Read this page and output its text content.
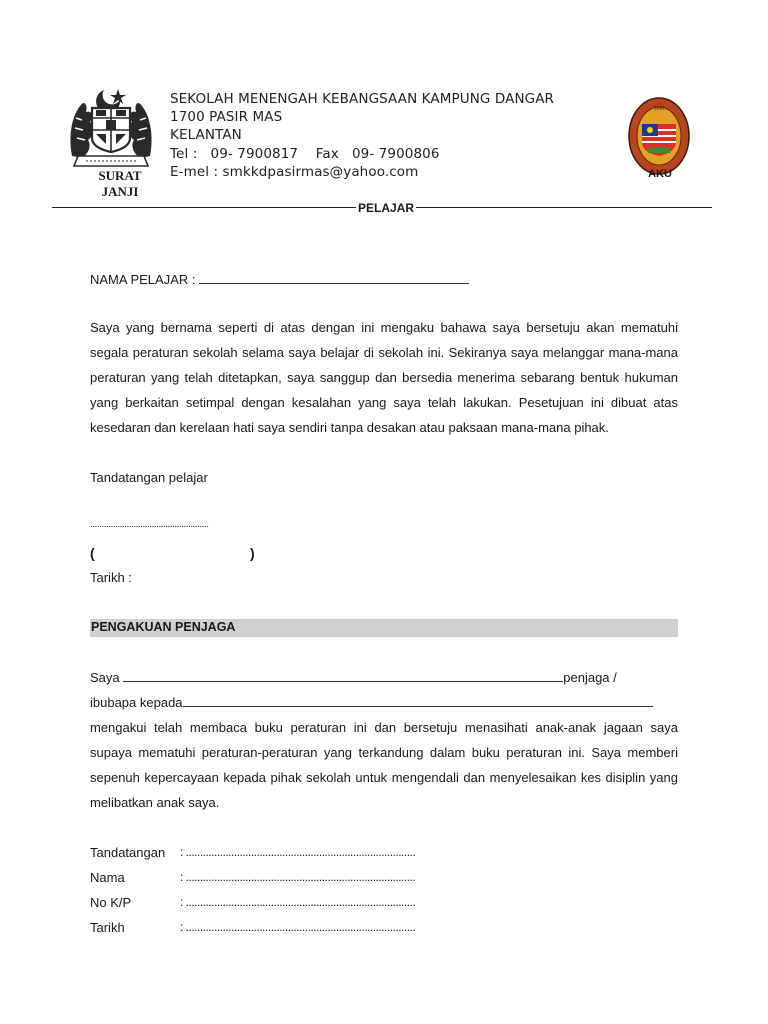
SURAT JANJI
SEKOLAH MENENGAH KEBANGSAAN KAMPUNG DANGAR
1700 PASIR MAS
KELANTAN
Tel : 09- 7900817 Fax 09- 7900806
E-mel : smkkdpasirmas@yahoo.com
SMK
AKU
PELAJAR
NAMA PELAJAR :
Saya yang bernama seperti di atas dengan ini mengaku bahawa saya bersetuju akan mematuhi
segala peraturan sekolah selama saya belajar di sekolah ini. Sekiranya saya melanggar mana-mana
peraturan yang telah ditetapkan, saya sanggup dan bersedia menerima sebarang bentuk hukuman
yang berkaitan setimpal dengan kesalahan yang saya telah lakukan. Pesetujuan ini dibuat atas
kesedaran dan kerelaan hati saya sendiri tanpa desakan atau paksaan mana-mana pihak.
Tandatangan pelajar
....................................................
(	)
Tarikh :
PENGAKUAN PENJAGA
Saya	penjaga /
ibubapa kepada
mengakui telah membaca buku peraturan ini dan bersetuju menasihati anak-anak jagaan saya
supaya mematuhi peraturan-peraturan yang terkandung dalam buku peraturan ini. Saya memberi
sepenuh kepercayaan kepada pihak sekolah untuk mengendali dan menyelesaikan kes disiplin yang
melibatkan anak saya.
Tandatangan : .................................................................................
Nama	: .................................................................................
No K/P	: .................................................................................
Tarikh	: .................................................................................
